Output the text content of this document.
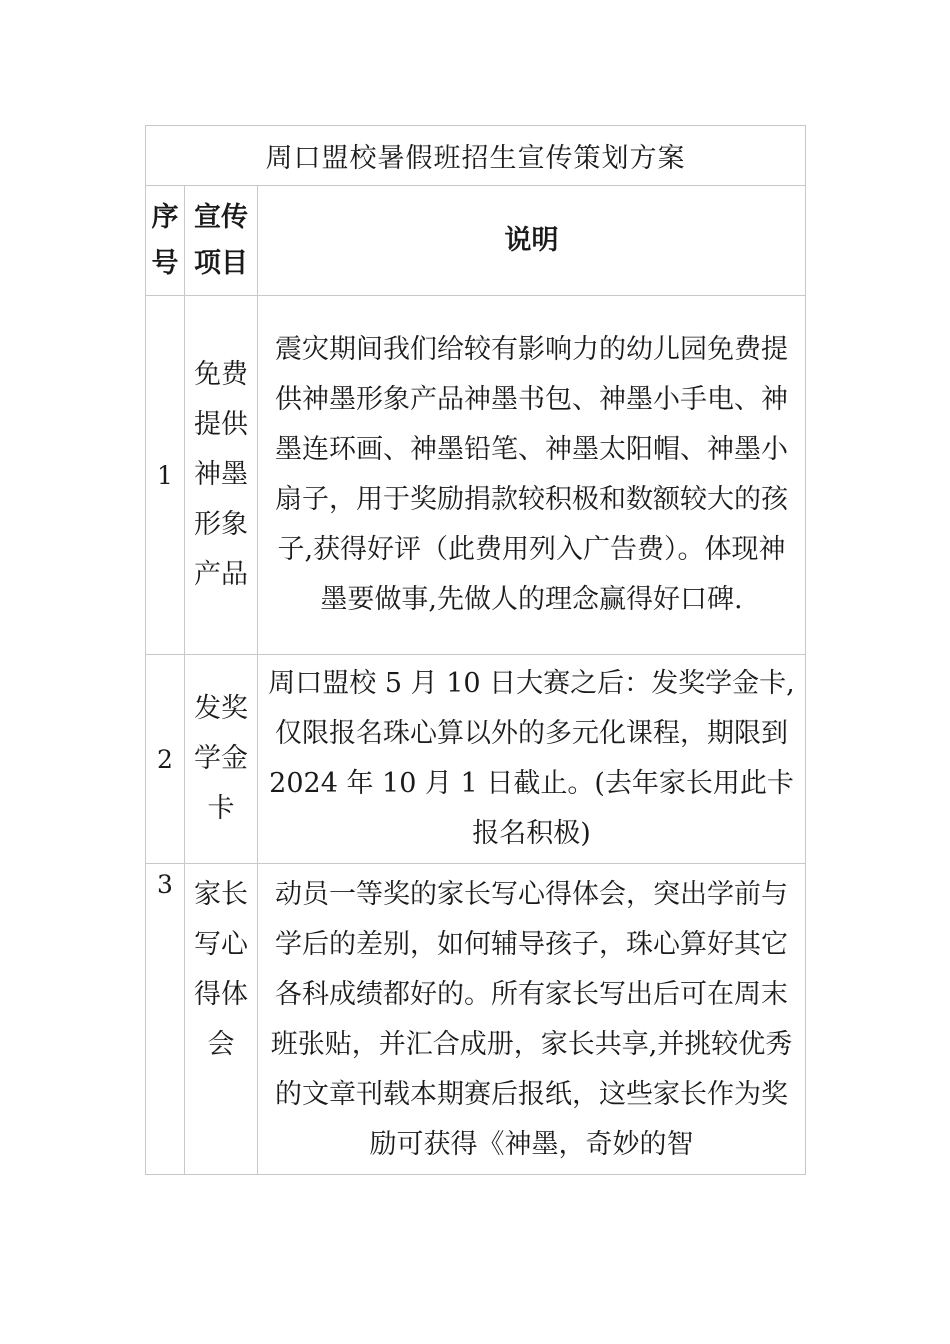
周口盟校暑假班招生宣传策划方案		
序号	宣传项目	说明
1	免费提供神墨形象产品	震灾期间我们给较有影响力的幼儿园免费提供神墨形象产品神墨书包、神墨小手电、神墨连环画、神墨铅笔、神墨太阳帽、神墨小扇子，用于奖励捐款较积极和数额较大的孩子,获得好评（此费用列入广告费）。体现神墨要做事,先做人的理念赢得好口碑.
2	发奖学金卡	周口盟校 5 月 10 日大赛之后：发奖学金卡,仅限报名珠心算以外的多元化课程，期限到 2024 年 10 月 1 日截止。(去年家长用此卡报名积极)
3	家长写心得体会	动员一等奖的家长写心得体会，突出学前与学后的差别，如何辅导孩子，珠心算好其它各科成绩都好的。所有家长写出后可在周末班张贴，并汇合成册，家长共享,并挑较优秀的文章刊载本期赛后报纸，这些家长作为奖励可获得《神墨，奇妙的智
